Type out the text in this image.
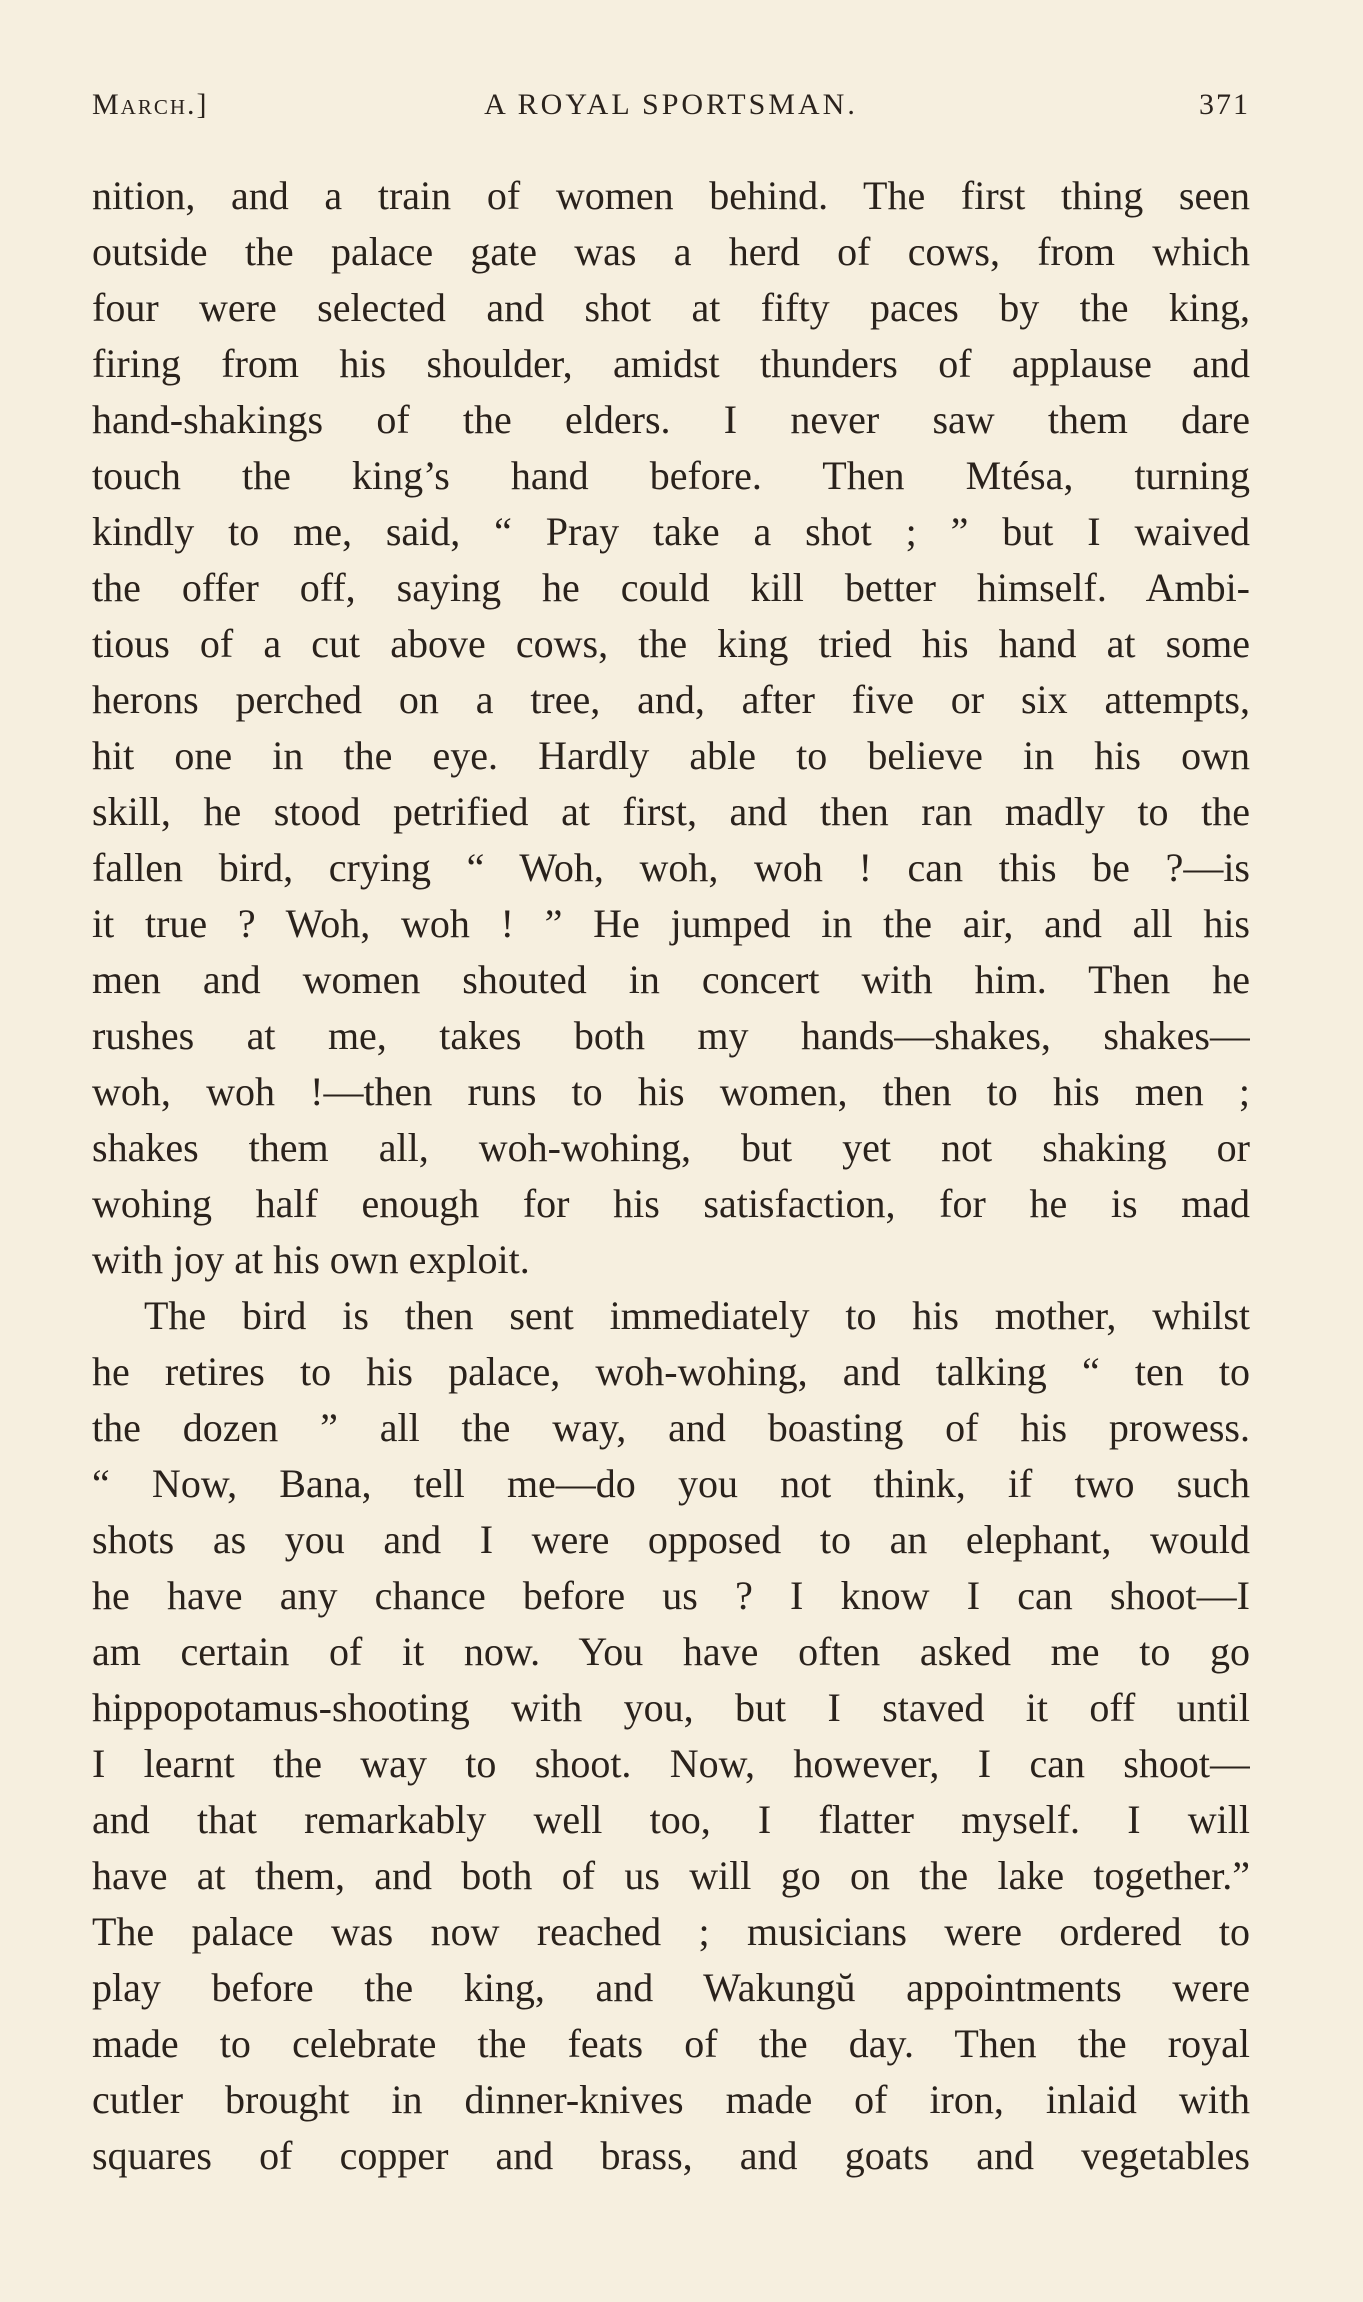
March.]	A ROYAL SPORTSMAN.	371
nition, and a train of women behind. The first thing seen
outside the palace gate was a herd of cows, from which
four were selected and shot at fifty paces by the king,
firing from his shoulder, amidst thunders of applause and
hand-shakings of the elders. I never saw them dare
touch the king’s hand before. Then Mtésa, turning
kindly to me, said, “ Pray take a shot ; ” but I waived
the offer off, saying he could kill better himself. Ambi-
tious of a cut above cows, the king tried his hand at some
herons perched on a tree, and, after five or six attempts,
hit one in the eye. Hardly able to believe in his own
skill, he stood petrified at first, and then ran madly to the
fallen bird, crying “ Woh, woh, woh ! can this be ?—is
it true ? Woh, woh ! ” He jumped in the air, and all his
men and women shouted in concert with him. Then he
rushes at me, takes both my hands—shakes, shakes—
woh, woh !—then runs to his women, then to his men ;
shakes them all, woh-wohing, but yet not shaking or
wohing half enough for his satisfaction, for he is mad
with joy at his own exploit.
The bird is then sent immediately to his mother, whilst
he retires to his palace, woh-wohing, and talking “ ten to
the dozen ” all the way, and boasting of his prowess.
“ Now, Bana, tell me—do you not think, if two such
shots as you and I were opposed to an elephant, would
he have any chance before us ? I know I can shoot—I
am certain of it now. You have often asked me to go
hippopotamus-shooting with you, but I staved it off until
I learnt the way to shoot. Now, however, I can shoot—
and that remarkably well too, I flatter myself. I will
have at them, and both of us will go on the lake together.”
The palace was now reached ; musicians were ordered to
play before the king, and Wakungŭ appointments were
made to celebrate the feats of the day. Then the royal
cutler brought in dinner-knives made of iron, inlaid with
squares of copper and brass, and goats and vegetables
